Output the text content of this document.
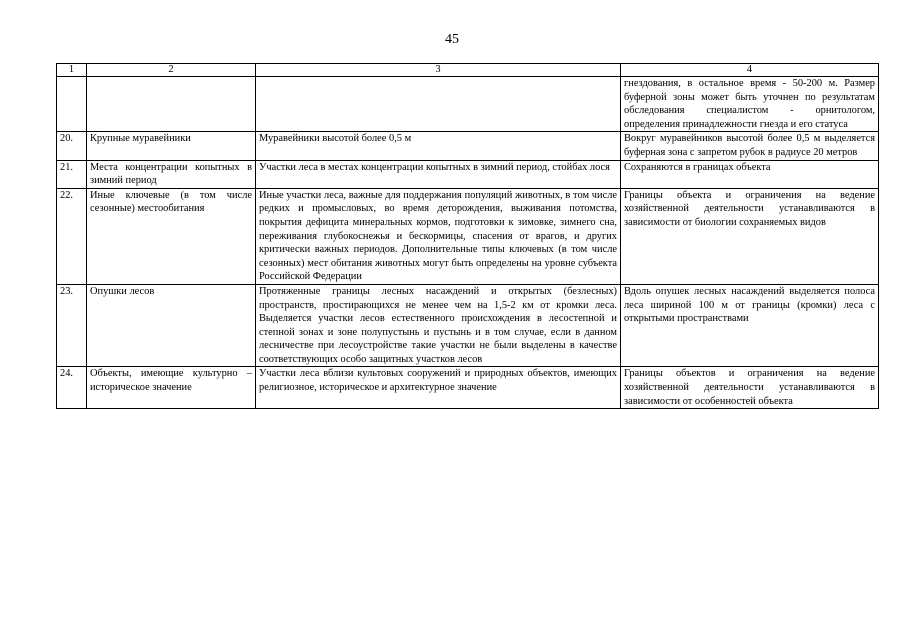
45
1	2	3	4
			гнездования, в остальное время - 50-200 м. Размер буферной зоны может быть уточнен по результатам обследования специалистом - орнитологом, определения принадлежности гнезда и его статуса
20.	Крупные муравейники	Муравейники высотой более 0,5 м	Вокруг муравейников высотой более 0,5 м выделяется буферная зона с запретом рубок в радиусе 20 метров
21.	Места концентрации копытных в зимний период	Участки леса в местах концентрации копытных в зимний период, стойбах лося	Сохраняются в границах объекта
22.	Иные ключевые (в том числе сезонные) местообитания	Иные участки леса, важные для поддержания популяций животных, в том числе редких и промысловых, во время деторождения, выживания потомства, покрытия дефицита минеральных кормов, подготовки к зимовке, зимнего сна, переживания глубокоснежья и бескормицы, спасения от врагов, и других критически важных периодов. Дополнительные типы ключевых (в том числе сезонных) мест обитания животных могут быть определены на уровне субъекта Российской Федерации	Границы объекта и ограничения на ведение хозяйственной деятельности устанавливаются в зависимости от биологии сохраняемых видов
23.	Опушки лесов	Протяженные границы лесных насаждений и открытых (безлесных) пространств, простирающихся не менее чем на 1,5-2 км от кромки леса. Выделяется участки лесов естественного происхождения в лесостепной и степной зонах и зоне полупустынь и пустынь и в том случае, если в данном лесничестве при лесоустройстве такие участки не были выделены в качестве соответствующих особо защитных участков лесов	Вдоль опушек лесных насаждений выделяется полоса леса шириной 100 м от границы (кромки) леса с открытыми пространствами
24.	Объекты, имеющие культурно – историческое значение	Участки леса вблизи культовых сооружений и природных объектов, имеющих религиозное, историческое и архитектурное значение	Границы объектов и ограничения на ведение хозяйственной деятельности устанавливаются в зависимости от особенностей объекта
